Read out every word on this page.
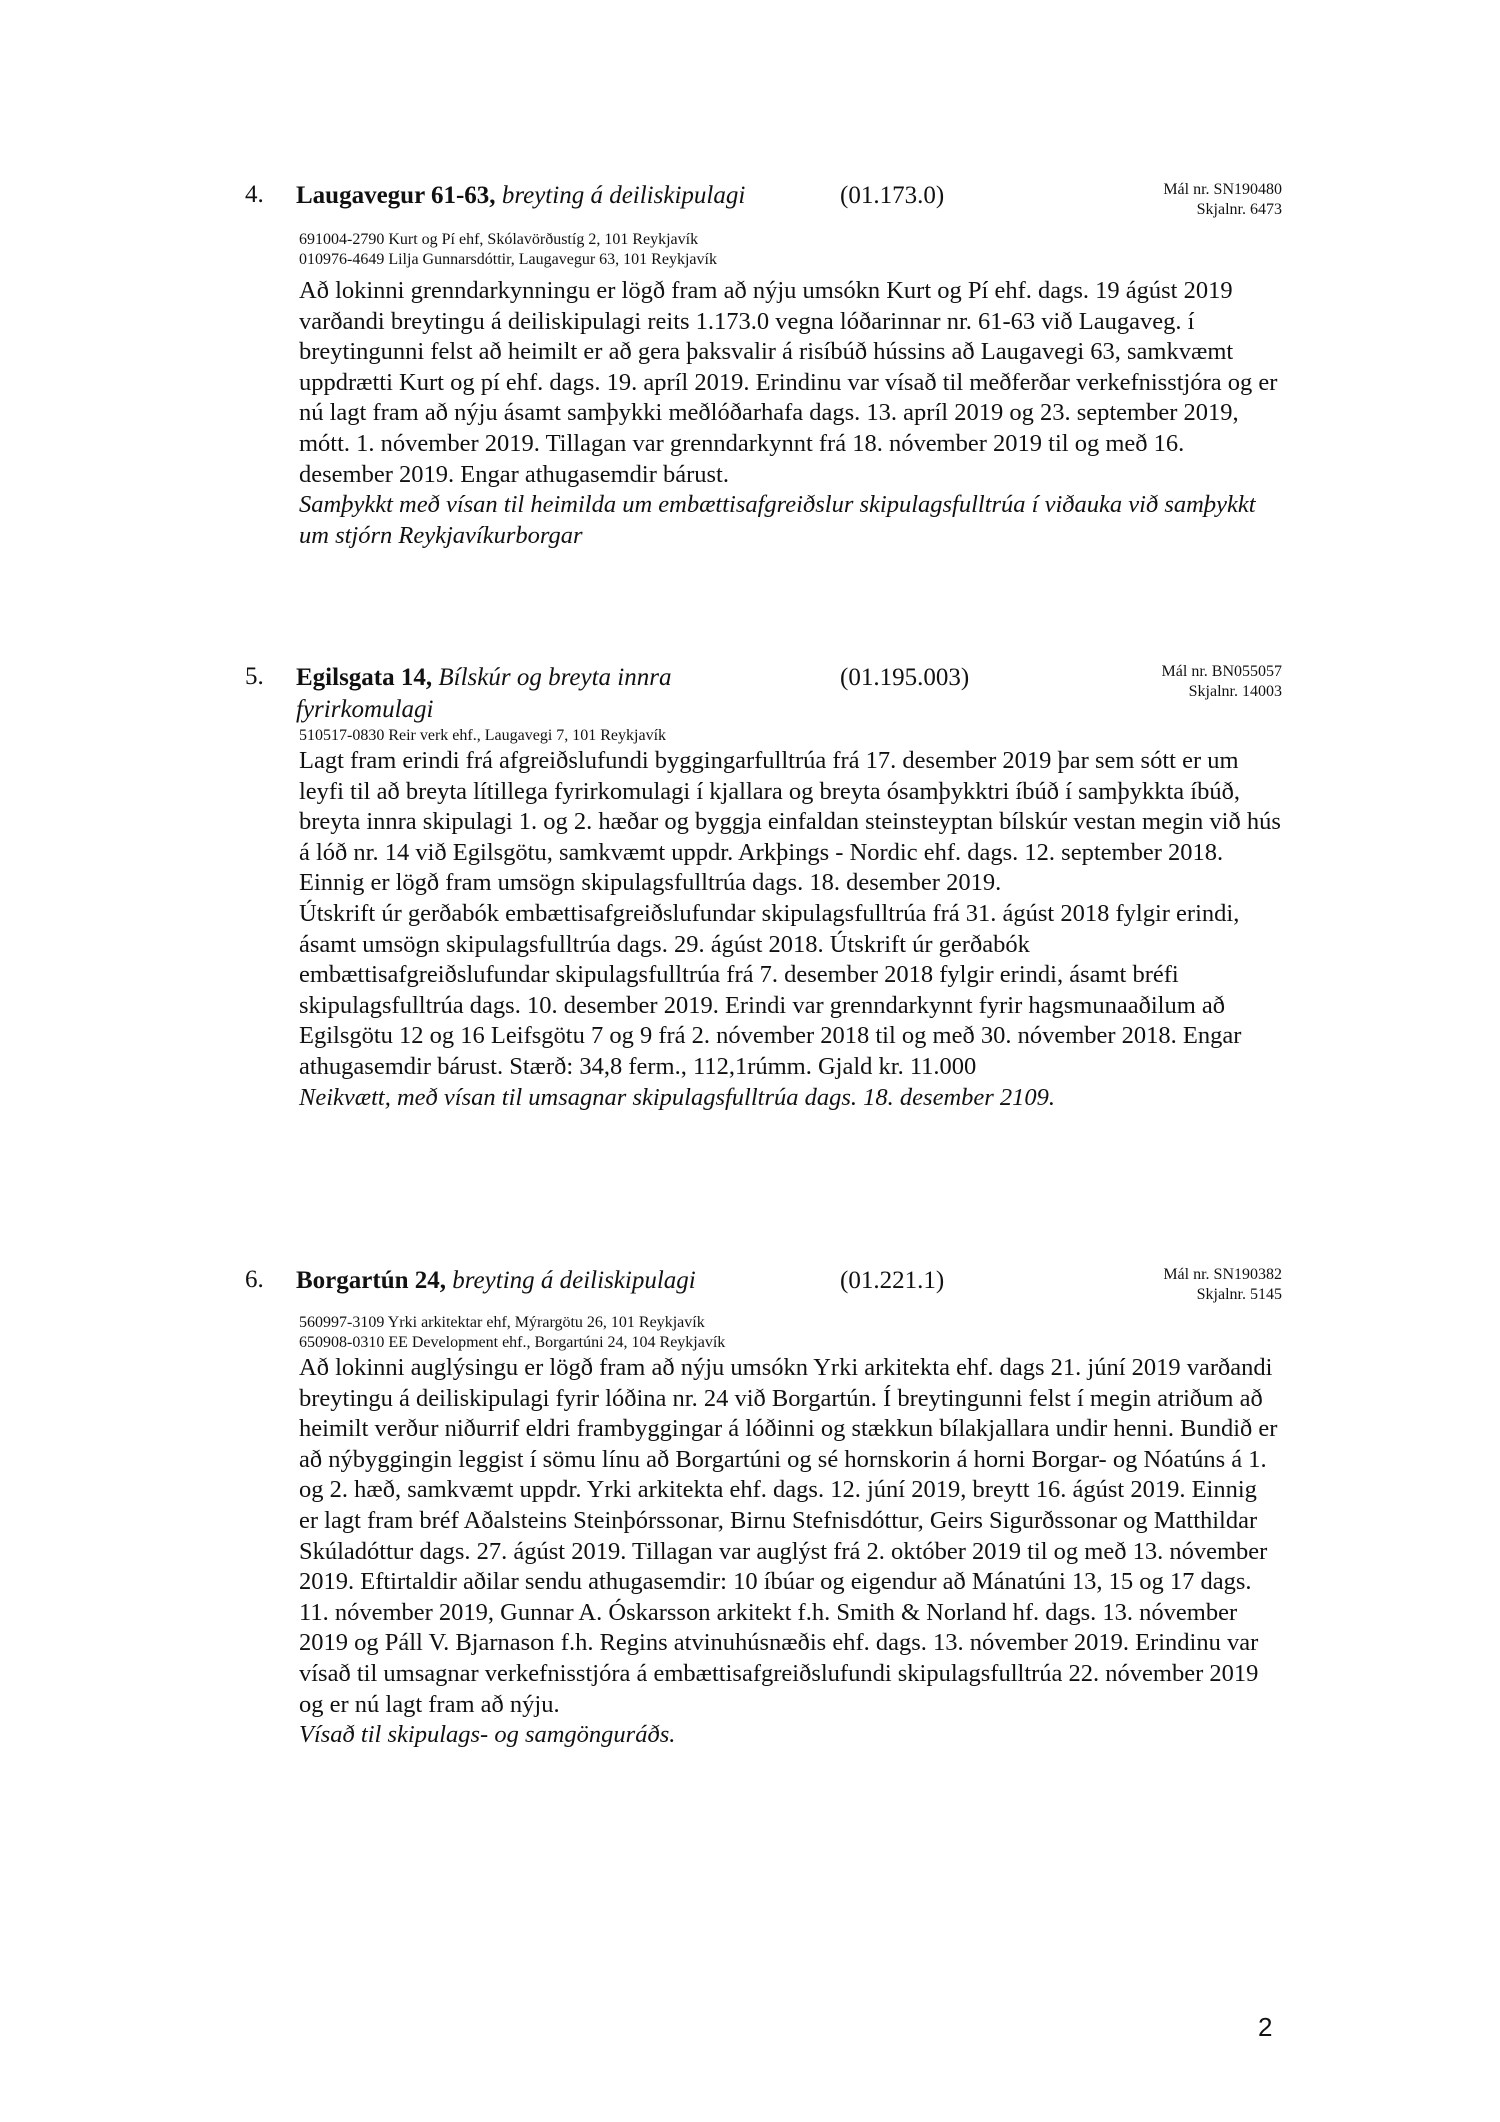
4. Laugavegur 61-63, breyting á deiliskipulagi	(01.173.0)	Mál nr. SN190480
Skjalnr. 6473
691004-2790 Kurt og Pí ehf, Skólavörðustíg 2, 101 Reykjavík
010976-4649 Lilja Gunnarsdóttir, Laugavegur 63, 101 Reykjavík

Að lokinni grenndarkynningu er lögð fram að nýju umsókn Kurt og Pí ehf. dags. 19 ágúst 2019 varðandi breytingu á deiliskipulagi reits 1.173.0 vegna lóðarinnar nr. 61-63 við Laugaveg. í breytingunni felst að heimilt er að gera þaksvalir á risíbúð hússins að Laugavegi 63, samkvæmt uppdrætti Kurt og pí ehf. dags. 19. apríl 2019. Erindinu var vísað til meðferðar verkefnisstjóra og er nú lagt fram að nýju ásamt samþykki meðlóðarhafa dags. 13. apríl 2019 og 23. september 2019, mótt. 1. nóvember 2019. Tillagan var grenndarkynnt frá 18. nóvember 2019 til og með 16. desember 2019. Engar athugasemdir bárust.

Samþykkt með vísan til heimilda um embættisafgreiðslur skipulagsfulltrúa í viðauka við samþykkt um stjórn Reykjavíkurborgar

5. Egilsgata 14, Bílskúr og breyta innra fyrirkomulagi
(01.195.003)	Mál nr. BN055057
Skjalnr. 14003
510517-0830 Reir verk ehf., Laugavegi 7, 101 Reykjavík

Lagt fram erindi frá afgreiðslufundi byggingarfulltrúa frá 17. desember 2019 þar sem sótt er um leyfi til að breyta lítillega fyrirkomulagi í kjallara og breyta ósamþykktri íbúð í samþykkta íbúð, breyta innra skipulagi 1. og 2. hæðar og byggja einfaldan steinsteyptan bílskúr vestan megin við hús á lóð nr. 14 við Egilsgötu, samkvæmt uppdr. Arkþings - Nordic ehf. dags. 12. september 2018. Einnig er lögð fram umsögn skipulagsfulltrúa dags. 18. desember 2019.

Útskrift úr gerðabók embættisafgreiðslufundar skipulagsfulltrúa frá 31. ágúst 2018 fylgir erindi, ásamt umsögn skipulagsfulltrúa dags. 29. ágúst 2018. Útskrift úr gerðabók embættisafgreiðslufundar skipulagsfulltrúa frá 7. desember 2018 fylgir erindi, ásamt bréfi skipulagsfulltrúa dags. 10. desember 2019. Erindi var grenndarkynnt fyrir hagsmunaaðilum að Egilsgötu 12 og 16 Leifsgötu 7 og 9 frá 2. nóvember 2018 til og með 30. nóvember 2018. Engar athugasemdir bárust. Stærð: 34,8 ferm., 112,1rúmm. Gjald kr. 11.000

Neikvætt, með vísan til umsagnar skipulagsfulltrúa dags. 18. desember 2109.

6. Borgartún 24, breyting á deiliskipulagi	(01.221.1)	Mál nr. SN190382
Skjalnr. 5145
560997-3109 Yrki arkitektar ehf, Mýrargötu 26, 101 Reykjavík
650908-0310 EE Development ehf., Borgartúni 24, 104 Reykjavík

Að lokinni auglýsingu er lögð fram að nýju umsókn Yrki arkitekta ehf. dags 21. júní 2019 varðandi breytingu á deiliskipulagi fyrir lóðina nr. 24 við Borgartún. Í breytingunni felst í megin atriðum að heimilt verður niðurrif eldri frambyggingar á lóðinni og stækkun bílakjallara undir henni. Bundið er að nýbyggingin leggist í sömu línu að Borgartúni og sé hornskorin á horni Borgar- og Nóatúns á 1. og 2. hæð, samkvæmt uppdr. Yrki arkitekta ehf. dags. 12. júní 2019, breytt 16. ágúst 2019. Einnig er lagt fram bréf Aðalsteins Steinþórssonar, Birnu Stefnisdóttur, Geirs Sigurðssonar og Matthildar Skúladóttur dags. 27. ágúst 2019. Tillagan var auglýst frá 2. október 2019 til og með 13. nóvember 2019. Eftirtaldir aðilar sendu athugasemdir: 10 íbúar og eigendur að Mánatúni 13, 15 og 17 dags. 11. nóvember 2019, Gunnar A. Óskarsson arkitekt f.h. Smith & Norland hf. dags. 13. nóvember 2019 og Páll V. Bjarnason f.h. Regins atvinuhúsnæðis ehf. dags. 13. nóvember 2019. Erindinu var vísað til umsagnar verkefnisstjóra á embættisafgreiðslufundi skipulagsfulltrúa 22. nóvember 2019 og er nú lagt fram að nýju.

Vísað til skipulags- og samgönguráðs.

2
